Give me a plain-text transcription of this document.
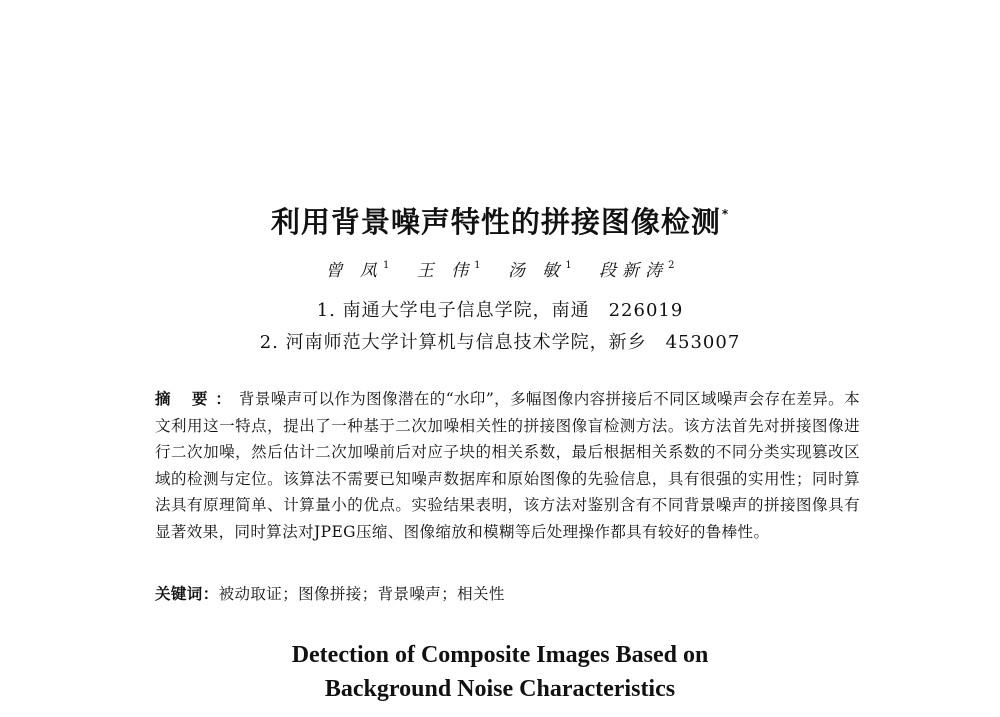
利用背景噪声特性的拼接图像检测*
曾 凤$^1$ 王 伟$^1$ 汤 敏$^1$ 段新涛$^2$
1. 南通大学电子信息学院，南通　226019
2. 河南师范大学计算机与信息技术学院，新乡　453007
摘 要：背景噪声可以作为图像潜在的“水印”，多幅图像内容拼接后不同区域噪声会存在差异。本文利用这一特点，提出了一种基于二次加噪相关性的拼接图像盲检测方法。该方法首先对拼接图像进行二次加噪，然后估计二次加噪前后对应子块的相关系数，最后根据相关系数的不同分类实现篡改区域的检测与定位。该算法不需要已知噪声数据库和原始图像的先验信息，具有很强的实用性；同时算法具有原理简单、计算量小的优点。实验结果表明，该方法对鉴别含有不同背景噪声的拼接图像具有显著效果，同时算法对JPEG压缩、图像缩放和模糊等后处理操作都具有较好的鲁棒性。
关键词：被动取证；图像拼接；背景噪声；相关性
Detection of Composite Images Based on
Background Noise Characteristics
